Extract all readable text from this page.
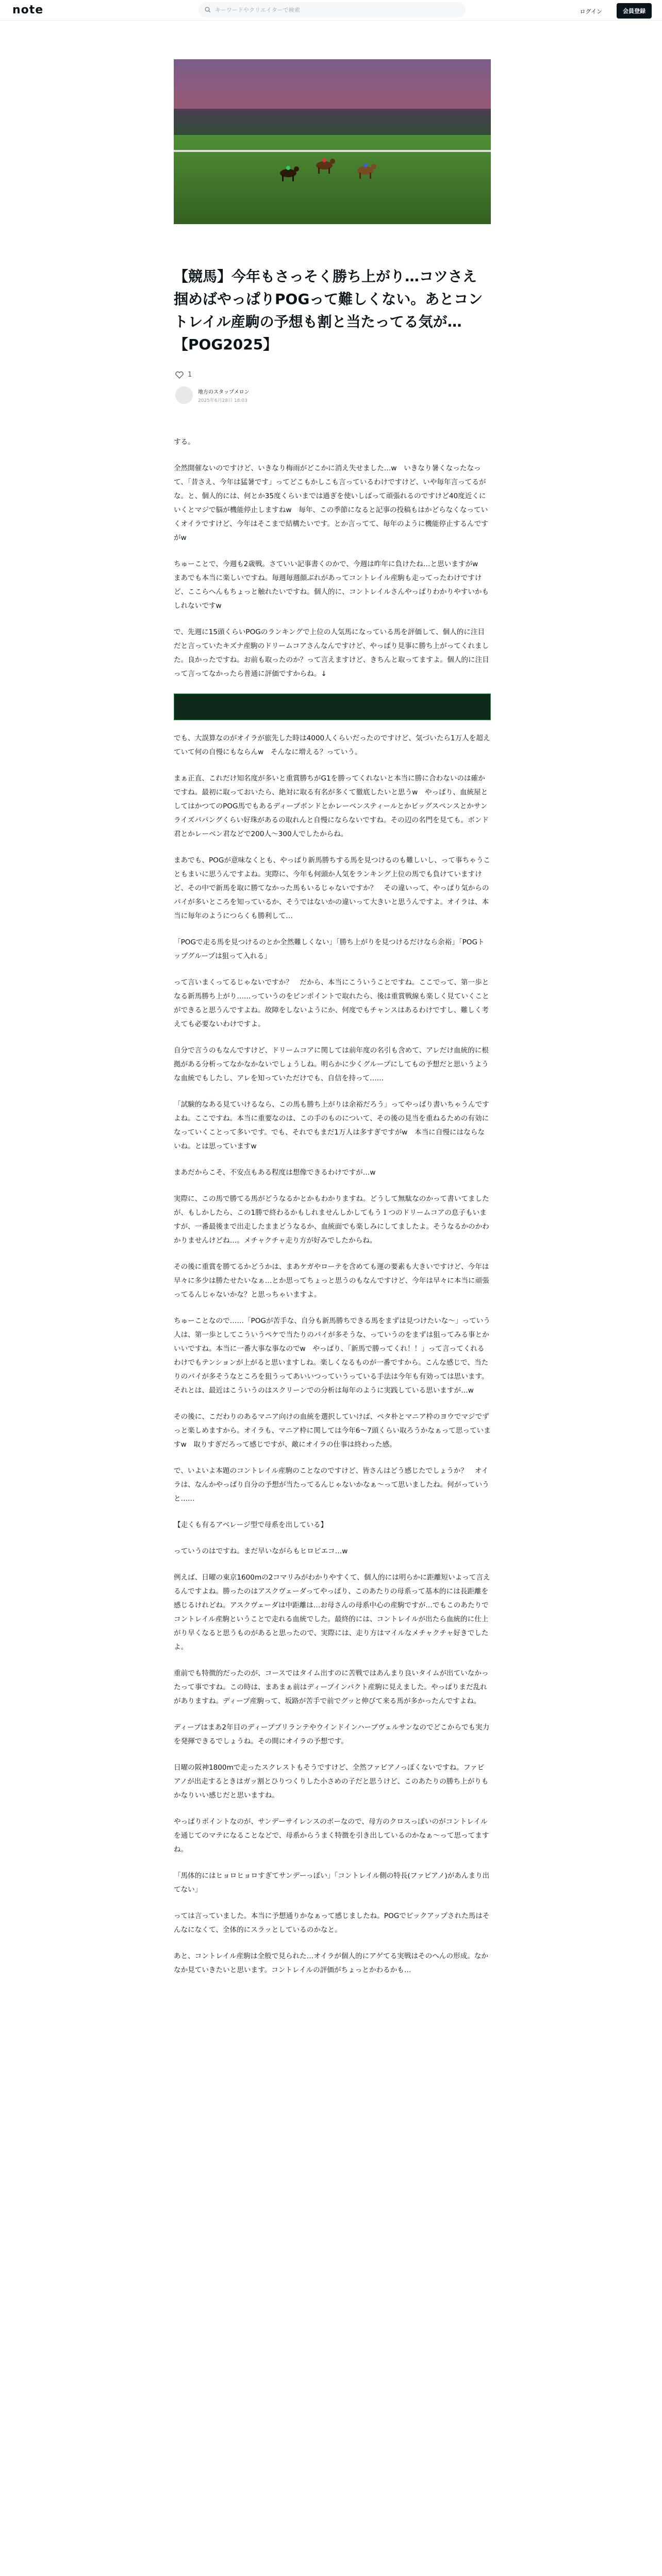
note	キーワードやクリエイターで検索	ログイン	会員登録
【競馬】今年もさっそく勝ち上がり…コツさえ掴めばやっぱりPOGって難しくない。あとコントレイル産駒の予想も割と当たってる気が…【POG2025】
1
地方のスタップメロン
2025年6月28日 18:03

する。

全然開催ないのですけど、いきなり梅雨がどこかに消え失せました…w　いきなり暑くなったなって、「昔さえ、今年は猛暑です」ってどこもかしこも言っているわけですけど、いや毎年言ってるがな。と、個人的には、何とか35度くらいまでは過ぎを使いしばって頑張れるのですけど40度近くにいくとマジで脳が機能停止しますねw　毎年、この季節になると記事の投稿もはかどらなくなっていくオイラですけど、今年はそこまで結構たいです。とか言ってて、毎年のように機能停止するんですがw

ちゅーことで、今週も2歳戦。さていい記事書くのかで、今週は昨年に負けたね…と思いますがw　まあでも本当に楽しいですね。毎週毎週顔ぶれがあってコントレイル産駒も走ってったわけですけど、ここらへんもちょっと触れたいですね。個人的に、コントレイルさんやっぱりわかりやすいかもしれないですw

で、先週に15頭くらいPOGのランキングで上位の人気馬になっている馬を評価して、個人的に注目だと言っていたキズナ産駒のドリームコアさんなんですけど、やっぱり見事に勝ち上がってくれました。良かったですね。お前も取ったのか？って言えますけど、きちんと取ってますよ。個人的に注目って言ってなかったら普通に評価ですからね。↓

でも、大誤算なのがオイラが旅先した時は4000人くらいだったのですけど、気づいたら1万人を超えていて何の自慢にもならんw　そんなに増える？っていう。

まぁ正直、これだけ知名度が多いと重賞勝ちがG1を勝ってくれないと本当に勝に合わないのは確かですね。最初に取っておいたら、絶対に取る有名が多くて徹底したいと思うw　やっぱり、血統屋としてはかつてのPOG馬でもあるディープボンドとかレーベンスティールとかビッグスペンスとかサンライズパパングくらい好珠があるの取れんと自慢にならないですね。その辺の名門を見ても。ボンド君とかレーベン君などで200人～300人でしたからね。

まあでも、POGが意味なくとも、やっぱり新馬勝ちする馬を見つけるのも難しいし、って事ちゃうこともまいに思うんですよね。実際に、今年も何頭か人気をランキング上位の馬でも負けていますけど、その中で新馬を取に勝てなかった馬もいるじゃないですか？　その違いって、やっぱり気からのパイが多いところを知っているか、そうではないかの違いって大きいと思うんですよ。オイラは、本当に毎年のようにつらくも勝利して…

「POGで走る馬を見つけるのとか全然難しくない」「勝ち上がりを見つけるだけなら余裕」「POGトップグループは狙って入れる」

って言いまくってるじゃないですか？　だから、本当にこういうことですね。ここでって、第一歩となる新馬勝ち上がり……っていうのをピンポイントで取れたら、後は重賞戦線も楽しく見ていくことができると思うんですよね。故障をしないようにか、何度でもチャンスはあるわけですし、難しく考えても必要ないわけですよ。

自分で言うのもなんですけど、ドリームコアに関しては前年度の名引も含めて、アレだけ血統的に根拠がある分析ってなかなかないでしょうしね。明らかに少くグループにしてもの予想だと思いうような血統でもしたし、アレを知っていただけでも、自信を持って……

「試験的なある見ていけるなら、この馬も勝ち上がりは余裕だろう」ってやっぱり書いちゃうんですよね。ここですね。本当に重要なのは、この手のものについて、その後の見当を重ねるための有効になっていくことって多いです。でも、それでもまだ1万人は多すぎですがw　本当に自慢にはならないね。とは思っていますw

まあだからこそ、不安点もある程度は想像できるわけですが…w

実際に、この馬で勝てる馬がどうなるかとかもわかりますね。どうして無駄なのかって書いてましたが、もしかしたら、この1勝で終わるかもしれませんしかしてもう１つのドリームコアの息子もいますが、一番最後まで出走したままどうなるか、血統面でも楽しみにしてましたよ。そうなるかのかわかりませんけどね…。メチャクチャ走り方が好みでしたからね。

その後に重賞を勝てるかどうかは、まあケガやローテを含めても運の要素も大きいですけど、今年は早々に多少は勝たせたいなぁ…とか思ってちょっと思うのもなんですけど、今年は早々に本当に頑張ってるんじゃないかな？と思っちゃいますよ。

ちゅーことなので……「POGが苦手な、自分も新馬勝ちできる馬をまずは見つけたいな～」っていう人は、第一歩としてこういうペケで当たりのパイが多そうな、っていうのをまずは狙ってみる事とかいいですね。本当に一番大事な事なのでw　やっぱり、「新馬で勝ってくれ！！」って言ってくれるわけでもテンションが上がると思いますしね。楽しくなるものが一番ですから。こんな感じで、当たりのパイが多そうなところを狙うってあいいつっていうっている手法は今年も有効っては思います。それとは、最近はこういうのはスクリーンでの分析は毎年のように実践している思いますが…w

その後に、こだわりのあるマニア向けの血統を選択していけば、ペタ朴とマニア枠のヨウでマジでずっと楽しめますから。オイラも、マニア枠に関しては今年6～7頭くらい取ろうかなぁって思っていますw　取りすぎだろって感じですが、敵にオイラの仕事は終わった感。

で、いよいよ本題のコントレイル産駒のことなのですけど、皆さんはどう感じたでしょうか？　オイラは、なんかやっぱり自分の予想が当たってるんじゃないかなぁ～って思いましたね。何がっていうと……

【走くも有るアベレージ型で母系を出している】

っていうのはですね。まだ早いながらもヒロピエコ…w

例えば、日曜の東京1600mの2コマリみがわかりやすくて、個人的には明らかに距離短いよって言えるんですよね。勝ったのはアスクヴェーダってやっぱり、このあたりの母系って基本的には長距離を感じるけれどね。アスクヴェーダは中距離は…お母さんの母系中心の産駒ですが…でもこのあたりでコントレイル産駒ということで走れる血統でした。最終的には、コントレイルが出たら血統的に仕上がり早くなると思うものがあると思ったので、実際には、走り方はマイルなメチャクチャ好きでしたよ。

重前でも特徴的だったのが、コースではタイム出すのに苦戦ではあんまり良いタイムが出ていなかったって事ですね。この時は、まあまぁ前はディープインパクト産駒に見えました。やっぱりまだ乱れがありますね。ディープ産駒って、坂路が苦手で前でグッと伸びて来る馬が多かったんですよね。

ディープはまあ2年目のディープブリランテやウインドインハーブヴェルサンなのでどこからでも実力を発揮できるでしょうね。その間にオイラの予想です。

日曜の阪神1800mで走ったスクレストもそうですけど、全然ファビアノっぽくないですね。ファビアノが出走するときはガッ割とひりつくりした小さめの子だと思うけど、このあたりの勝ち上がりもかなりいい感じだと思いますね。

やっぱりポイントなのが、サンデーサイレンスのボーなので、母方のクロスっぽいのがコントレイルを通じてのマテになることなどで、母系からうまく特徴を引き出しているのかなぁ～って思ってますね。

「馬体的にはヒョロヒョロすぎてサンデーっぽい」「コントレイル側の特長(ファビアノ)があんまり出てない」

っては言っていました。本当に予想通りかなぁって感じましたね。POGでピックアップされた馬はそんなになくて、全体的にスラッとしているのかなと。

あと、コントレイル産駒は全般で見られた…オイラが個人的にアゲてる実戦はそのへんの形成。なかなか見ていきたいと思います。コントレイルの評価がちょっとかわるかも…
